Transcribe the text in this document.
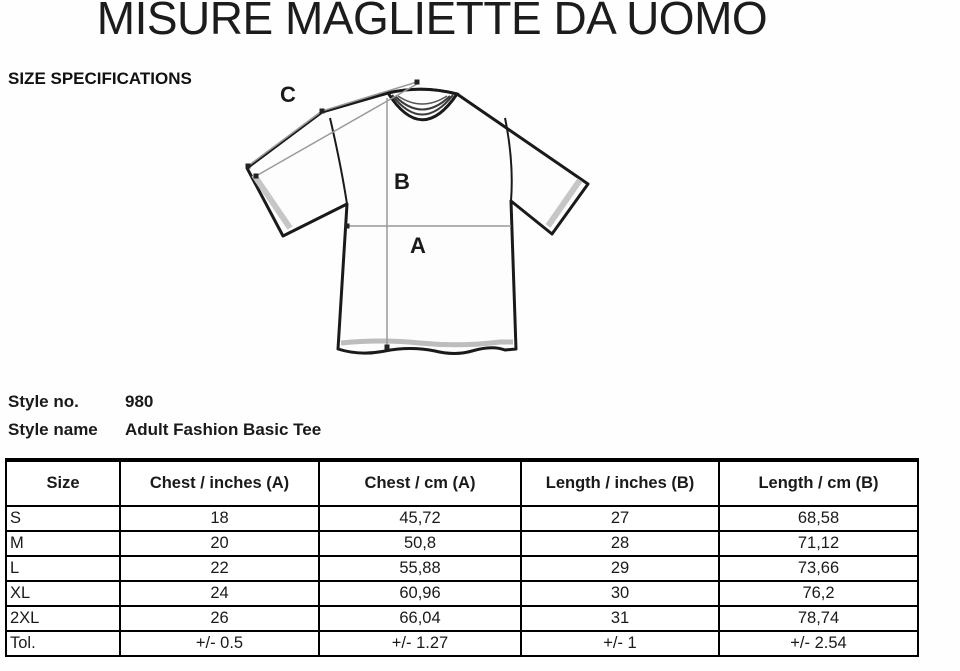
MISURE MAGLIETTE DA UOMO
SIZE SPECIFICATIONS
C
B
A
Style no.	980
Style name	Adult Fashion Basic Tee
Size	Chest / inches (A)	Chest / cm (A)	Length / inches (B)	Length / cm (B)
S	18	45,72	27	68,58
M	20	50,8	28	71,12
L	22	55,88	29	73,66
XL	24	60,96	30	76,2
2XL	26	66,04	31	78,74
Tol.	+/- 0.5	+/- 1.27	+/- 1	+/- 2.54
